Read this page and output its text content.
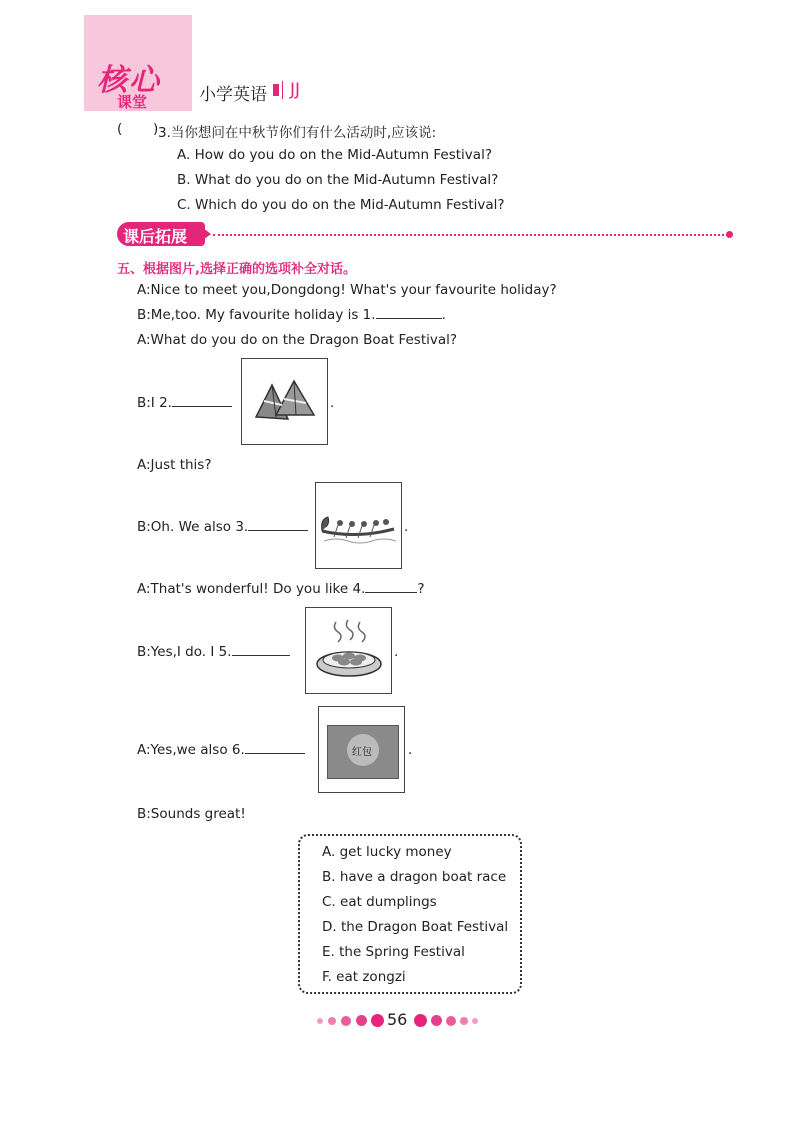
核心
课堂	小学英语 JJ
( ) 3.当你想问在中秋节你们有什么活动时,应该说:
A. How do you do on the Mid-Autumn Festival?
B. What do you do on the Mid-Autumn Festival?
C. Which do you do on the Mid-Autumn Festival?
课后拓展
五、根据图片,选择正确的选项补全对话。
A:Nice to meet you,Dongdong! What's your favourite holiday?
B:Me,too. My favourite holiday is 1.	.
A:What do you do on the Dragon Boat Festival?
B:I 2.	.
A:Just this?
B:Oh. We also 3.	.
A:That's wonderful! Do you like 4.	?
B:Yes,I do. I 5.	.
A:Yes,we also 6.	.
红包
B:Sounds great!
A. get lucky money
B. have a dragon boat race
C. eat dumplings
D. the Dragon Boat Festival
E. the Spring Festival
F. eat zongzi
56
